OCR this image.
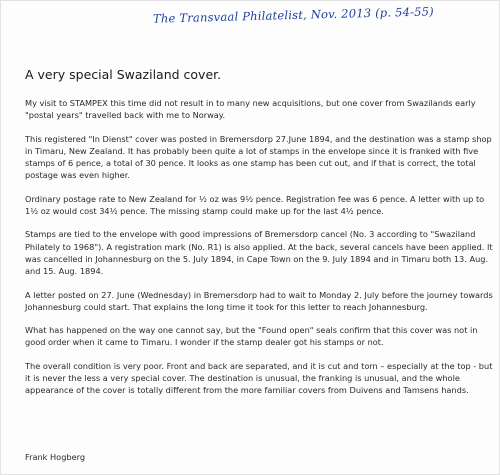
The Transvaal Philatelist, Nov. 2013 (p. 54-55)
A very special Swaziland cover.

My visit to STAMPEX this time did not result in to many new acquisitions, but one cover from Swazilands early "postal years" travelled back with me to Norway.

This registered "In Dienst" cover was posted in Bremersdorp 27.June 1894, and the destination was a stamp shop in Timaru, New Zealand. It has probably been quite a lot of stamps in the envelope since it is franked with five stamps of 6 pence, a total of 30 pence. It looks as one stamp has been cut out, and if that is correct, the total postage was even higher.

Ordinary postage rate to New Zealand for ½ oz was 9½ pence. Registration fee was 6 pence. A letter with up to 1½ oz would cost 34½ pence. The missing stamp could make up for the last 4½ pence.

Stamps are tied to the envelope with good impressions of Bremersdorp cancel (No. 3 according to "Swaziland Philately to 1968"). A registration mark (No. R1) is also applied. At the back, several cancels have been applied. It was cancelled in Johannesburg on the 5. July 1894, in Cape Town on the 9. July 1894 and in Timaru both 13. Aug. and 15. Aug. 1894.

A letter posted on 27. June (Wednesday) in Bremersdorp had to wait to Monday 2. July before the journey towards Johannesburg could start. That explains the long time it took for this letter to reach Johannesburg.

What has happened on the way one cannot say, but the "Found open" seals confirm that this cover was not in good order when it came to Timaru. I wonder if the stamp dealer got his stamps or not.

The overall condition is very poor. Front and back are separated, and it is cut and torn – especially at the top - but it is never the less a very special cover. The destination is unusual, the franking is unusual, and the whole appearance of the cover is totally different from the more familiar covers from Duivens and Tamsens hands.

Frank Hogberg
